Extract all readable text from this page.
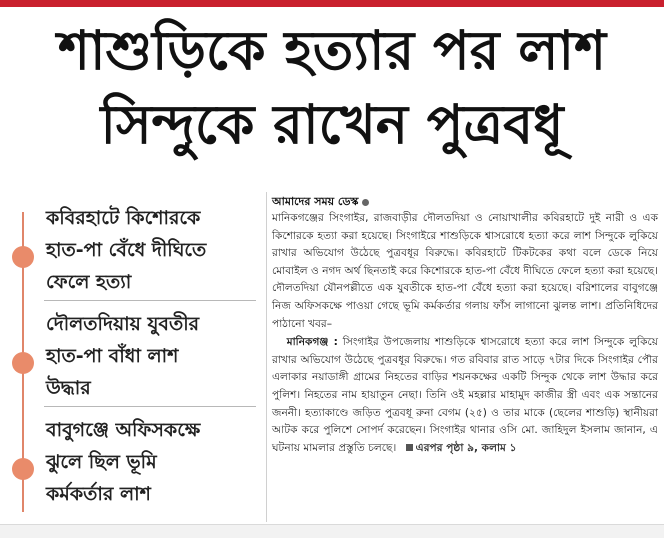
শাশুড়িকে হত্যার পর লাশ
সিন্দুকে রাখেন পুত্রবধূ
কবিরহাটে কিশোরকে
হাত-পা বেঁধে দীঘিতে
ফেলে হত্যা
দৌলতদিয়ায় যুবতীর
হাত-পা বাঁধা লাশ
উদ্ধার
বাবুগঞ্জে অফিসকক্ষে
ঝুলে ছিল ভূমি
কর্মকর্তার লাশ
আমাদের সময় ডেস্ক

মানিকগঞ্জের সিংগাইর, রাজবাড়ীর দৌলতদিয়া ও নোয়াখালীর কবিরহাটে দুই নারী ও এক কিশোরকে হত্যা করা হয়েছে। সিংগাইরে শাশুড়িকে শ্বাসরোধে হত্যা করে লাশ সিন্দুকে লুকিয়ে রাখার অভিযোগ উঠেছে পুত্রবধূর বিরুদ্ধে। কবিরহাটে টিকটকের কথা বলে ডেকে নিয়ে মোবাইল ও নগদ অর্থ ছিনতাই করে কিশোরকে হাত-পা বেঁধে দীঘিতে ফেলে হত্যা করা হয়েছে। দৌলতদিয়া যৌনপল্লীতে এক যুবতীকে হাত-পা বেঁধে হত্যা করা হয়েছে। বরিশালের বাবুগঞ্জে নিজ অফিসকক্ষে পাওয়া গেছে ভূমি কর্মকর্তার গলায় ফাঁস লাগানো ঝুলন্ত লাশ। প্রতিনিধিদের পাঠানো খবর–

মানিকগঞ্জ : সিংগাইর উপজেলায় শাশুড়িকে শ্বাসরোধে হত্যা করে লাশ সিন্দুকে লুকিয়ে রাখার অভিযোগ উঠেছে পুত্রবধূর বিরুদ্ধে। গত রবিবার রাত সাড়ে ৭টার দিকে সিংগাইর পৌর এলাকার নয়াডাঙ্গী গ্রামের নিহতের বাড়ির শয়নকক্ষের একটি সিন্দুক থেকে লাশ উদ্ধার করে পুলিশ। নিহতের নাম হায়াতুন নেছা। তিনি ওই মহল্লার মাহামুদ কাজীর স্ত্রী এবং এক সন্তানের জননী। হত্যাকাণ্ডে জড়িত পুত্রবধূ রুনা বেগম (২৫) ও তার মাকে (ছেলের শাশুড়ি) স্থানীয়রা আটক করে পুলিশে সোপর্দ করেছেন। সিংগাইর থানার ওসি মো. জাহিদুল ইসলাম জানান, এ ঘটনায় মামলার প্রস্তুতি চলছে। এরপর পৃষ্ঠা ৯, কলাম ১
